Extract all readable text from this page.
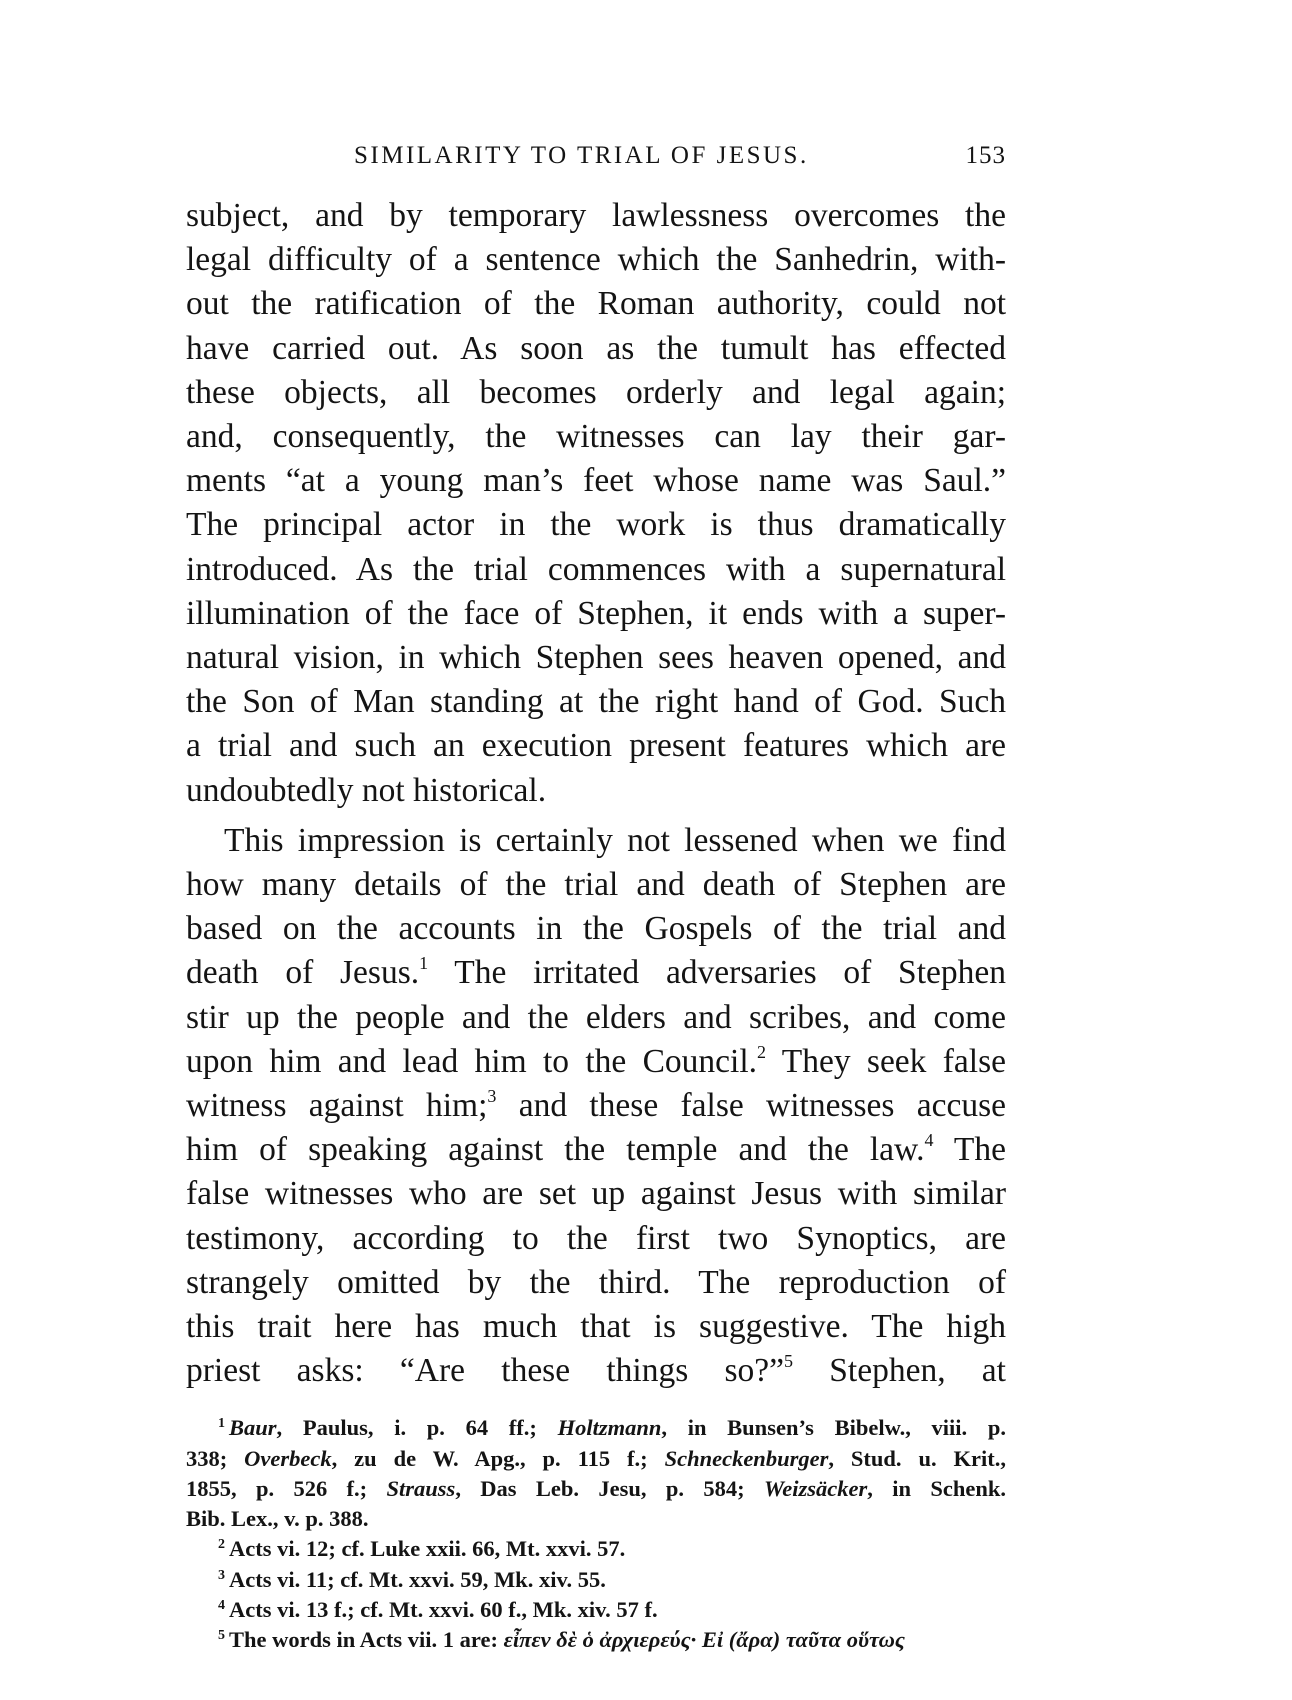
SIMILARITY TO TRIAL OF JESUS.	153
subject, and by temporary lawlessness overcomes the
legal difficulty of a sentence which the Sanhedrin, with-
out the ratification of the Roman authority, could not
have carried out. As soon as the tumult has effected
these objects, all becomes orderly and legal again;
and, consequently, the witnesses can lay their gar-
ments “at a young man’s feet whose name was Saul.”
The principal actor in the work is thus dramatically
introduced. As the trial commences with a supernatural
illumination of the face of Stephen, it ends with a super-
natural vision, in which Stephen sees heaven opened, and
the Son of Man standing at the right hand of God. Such
a trial and such an execution present features which are
undoubtedly not historical.
This impression is certainly not lessened when we find
how many details of the trial and death of Stephen are
based on the accounts in the Gospels of the trial and
death of Jesus.$^1$ The irritated adversaries of Stephen
stir up the people and the elders and scribes, and come
upon him and lead him to the Council.$^2$ They seek false
witness against him;$^3$ and these false witnesses accuse
him of speaking against the temple and the law.$^4$ The
false witnesses who are set up against Jesus with similar
testimony, according to the first two Synoptics, are
strangely omitted by the third. The reproduction of
this trait here has much that is suggestive. The high
priest asks: “Are these things so?”$^5$ Stephen, at
$^1$ Baur, Paulus, i. p. 64 ff.; Holtzmann, in Bunsen’s Bibelw., viii. p.
338; Overbeck, zu de W. Apg., p. 115 f.; Schneckenburger, Stud. u. Krit.,
1855, p. 526 f.; Strauss, Das Leb. Jesu, p. 584; Weizsäcker, in Schenk.
Bib. Lex., v. p. 388.
$^2$ Acts vi. 12; cf. Luke xxii. 66, Mt. xxvi. 57.
$^3$ Acts vi. 11; cf. Mt. xxvi. 59, Mk. xiv. 55.
$^4$ Acts vi. 13 f.; cf. Mt. xxvi. 60 f., Mk. xiv. 57 f.
$^5$ The words in Acts vii. 1 are: εἶπεν δὲ ὁ ἀρχιερεύς· Εἰ (ἄρα) ταῦτα οὕτως
